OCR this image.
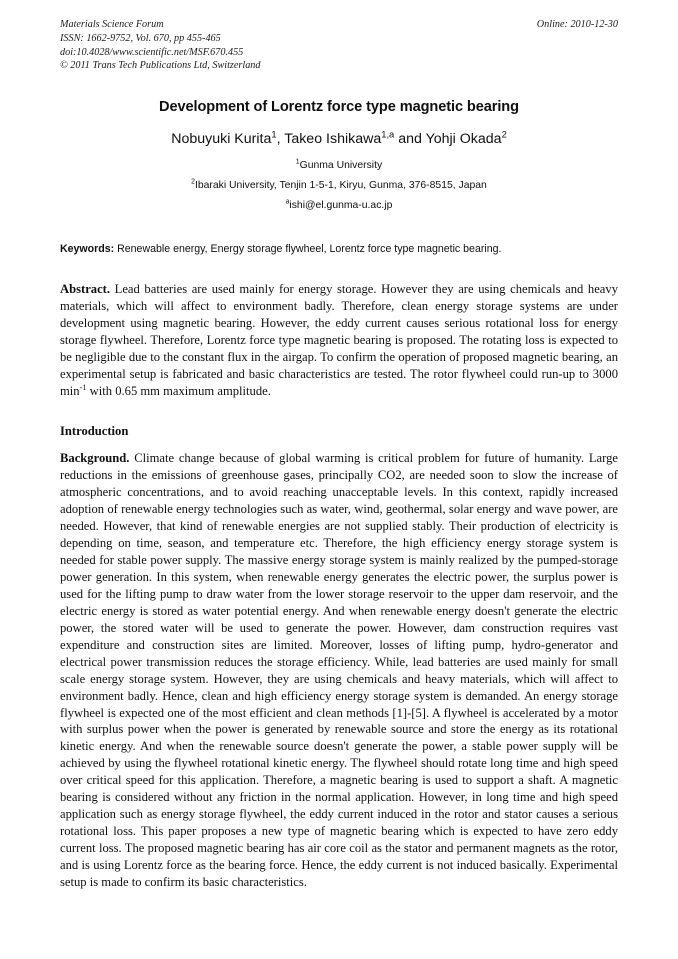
Materials Science Forum
ISSN: 1662-9752, Vol. 670, pp 455-465
doi:10.4028/www.scientific.net/MSF.670.455
© 2011 Trans Tech Publications Ltd, Switzerland
Online: 2010-12-30
Development of Lorentz force type magnetic bearing
Nobuyuki Kurita$^1$, Takeo Ishikawa$^{1,a}$ and Yohji Okada$^2$
$^1$Gunma University
$^2$Ibaraki University, Tenjin 1-5-1, Kiryu, Gunma, 376-8515, Japan
$^a$ishi@el.gunma-u.ac.jp
Keywords: Renewable energy, Energy storage flywheel, Lorentz force type magnetic bearing.

Abstract. Lead batteries are used mainly for energy storage. However they are using chemicals and heavy materials, which will affect to environment badly. Therefore, clean energy storage systems are under development using magnetic bearing. However, the eddy current causes serious rotational loss for energy storage flywheel. Therefore, Lorentz force type magnetic bearing is proposed. The rotating loss is expected to be negligible due to the constant flux in the airgap. To confirm the operation of proposed magnetic bearing, an experimental setup is fabricated and basic characteristics are tested. The rotor flywheel could run-up to 3000 $\min^{-1}$ with 0.65 mm maximum amplitude.

Introduction

Background. Climate change because of global warming is critical problem for future of humanity. Large reductions in the emissions of greenhouse gases, principally CO2, are needed soon to slow the increase of atmospheric concentrations, and to avoid reaching unacceptable levels. In this context, rapidly increased adoption of renewable energy technologies such as water, wind, geothermal, solar energy and wave power, are needed. However, that kind of renewable energies are not supplied stably. Their production of electricity is depending on time, season, and temperature etc. Therefore, the high efficiency energy storage system is needed for stable power supply. The massive energy storage system is mainly realized by the pumped-storage power generation. In this system, when renewable energy generates the electric power, the surplus power is used for the lifting pump to draw water from the lower storage reservoir to the upper dam reservoir, and the electric energy is stored as water potential energy. And when renewable energy doesn't generate the electric power, the stored water will be used to generate the power. However, dam construction requires vast expenditure and construction sites are limited. Moreover, losses of lifting pump, hydro-generator and electrical power transmission reduces the storage efficiency. While, lead batteries are used mainly for small scale energy storage system. However, they are using chemicals and heavy materials, which will affect to environment badly. Hence, clean and high efficiency energy storage system is demanded. An energy storage flywheel is expected one of the most efficient and clean methods [1]-[5]. A flywheel is accelerated by a motor with surplus power when the power is generated by renewable source and store the energy as its rotational kinetic energy. And when the renewable source doesn't generate the power, a stable power supply will be achieved by using the flywheel rotational kinetic energy. The flywheel should rotate long time and high speed over critical speed for this application. Therefore, a magnetic bearing is used to support a shaft. A magnetic bearing is considered without any friction in the normal application. However, in long time and high speed application such as energy storage flywheel, the eddy current induced in the rotor and stator causes a serious rotational loss. This paper proposes a new type of magnetic bearing which is expected to have zero eddy current loss. The proposed magnetic bearing has air core coil as the stator and permanent magnets as the rotor, and is using Lorentz force as the bearing force. Hence, the eddy current is not induced basically. Experimental setup is made to confirm its basic characteristics.
